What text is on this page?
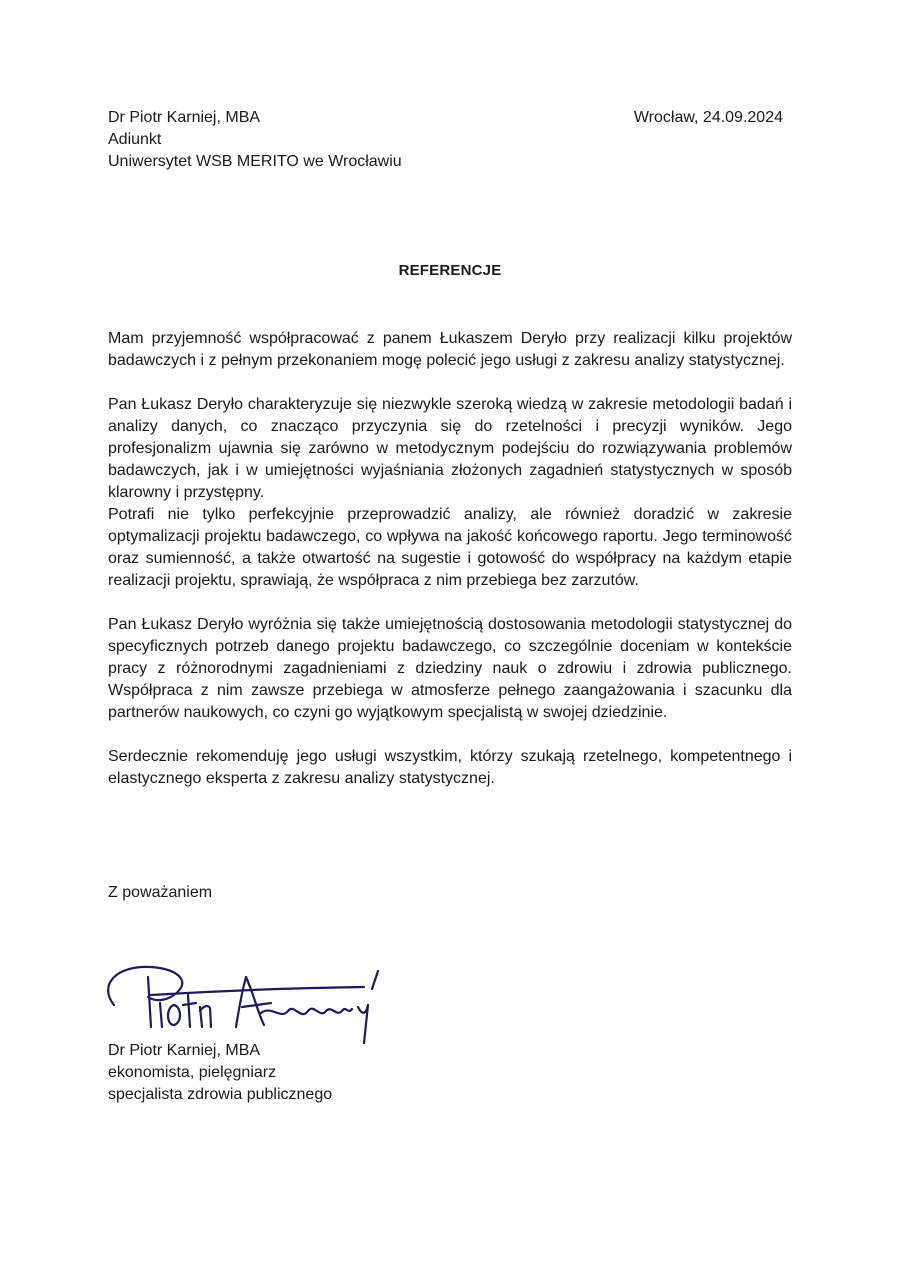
Dr Piotr Karniej, MBA
Adiunkt
Uniwersytet WSB MERITO we Wrocławiu
Wrocław, 24.09.2024
REFERENCJE

Mam przyjemność współpracować z panem Łukaszem Deryło przy realizacji kilku projektów badawczych i z pełnym przekonaniem mogę polecić jego usługi z zakresu analizy statystycznej.

Pan Łukasz Deryło charakteryzuje się niezwykle szeroką wiedzą w zakresie metodologii badań i analizy danych, co znacząco przyczynia się do rzetelności i precyzji wyników. Jego profesjonalizm ujawnia się zarówno w metodycznym podejściu do rozwiązywania problemów badawczych, jak i w umiejętności wyjaśniania złożonych zagadnień statystycznych w sposób klarowny i przystępny.

Potrafi nie tylko perfekcyjnie przeprowadzić analizy, ale również doradzić w zakresie optymalizacji projektu badawczego, co wpływa na jakość końcowego raportu. Jego terminowość oraz sumienność, a także otwartość na sugestie i gotowość do współpracy na każdym etapie realizacji projektu, sprawiają, że współpraca z nim przebiega bez zarzutów.

Pan Łukasz Deryło wyróżnia się także umiejętnością dostosowania metodologii statystycznej do specyficznych potrzeb danego projektu badawczego, co szczególnie doceniam w kontekście pracy z różnorodnymi zagadnieniami z dziedziny nauk o zdrowiu i zdrowia publicznego. Współpraca z nim zawsze przebiega w atmosferze pełnego zaangażowania i szacunku dla partnerów naukowych, co czyni go wyjątkowym specjalistą w swojej dziedzinie.

Serdecznie rekomenduję jego usługi wszystkim, którzy szukają rzetelnego, kompetentnego i elastycznego eksperta z zakresu analizy statystycznej.

Z poważaniem
Dr Piotr Karniej, MBA
ekonomista, pielęgniarz
specjalista zdrowia publicznego
